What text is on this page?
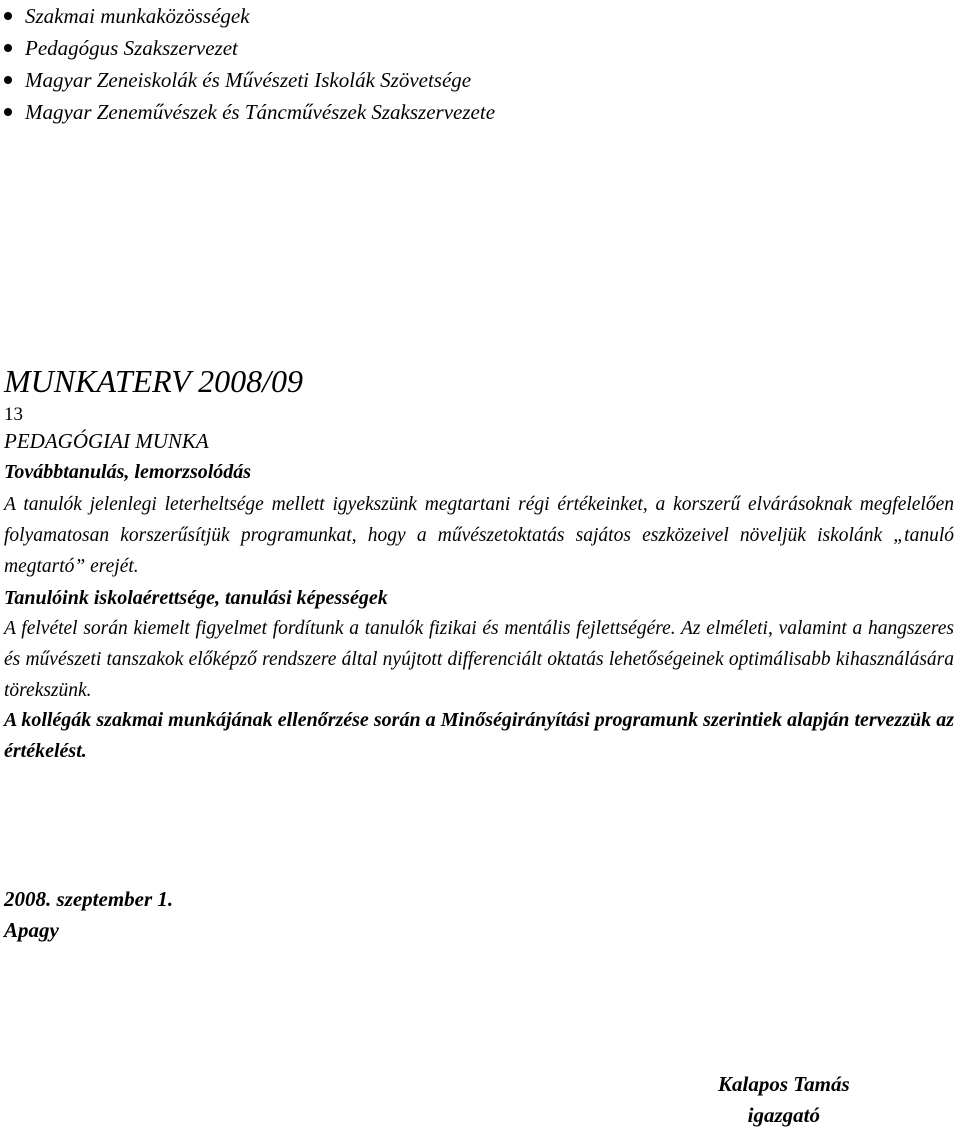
Szakmai munkaközösségek
Pedagógus Szakszervezet
Magyar Zeneiskolák és Művészeti Iskolák Szövetsége
Magyar Zeneművészek és Táncművészek Szakszervezete
MUNKATERV 2008/09
13
PEDAGÓGIAI MUNKA
Továbbtanulás, lemorzsolódás
A tanulók jelenlegi leterheltsége mellett igyekszünk megtartani régi értékeinket, a korszerű elvárásoknak megfelelően folyamatosan korszerűsítjük programunkat, hogy a művészetoktatás sajátos eszközeivel növeljük iskolánk „tanuló megtartó” erejét.
Tanulóink iskolaérettsége, tanulási képességek
A felvétel során kiemelt figyelmet fordítunk a tanulók fizikai és mentális fejlettségére. Az elméleti, valamint a hangszeres és művészeti tanszakok előképző rendszere által nyújtott differenciált oktatás lehetőségeinek optimálisabb kihasználására törekszünk.
A kollégák szakmai munkájának ellenőrzése során a Minőségirányítási programunk szerintiek alapján tervezzük az értékelést.
2008. szeptember 1.
Apagy
Kalapos Tamás
igazgató
